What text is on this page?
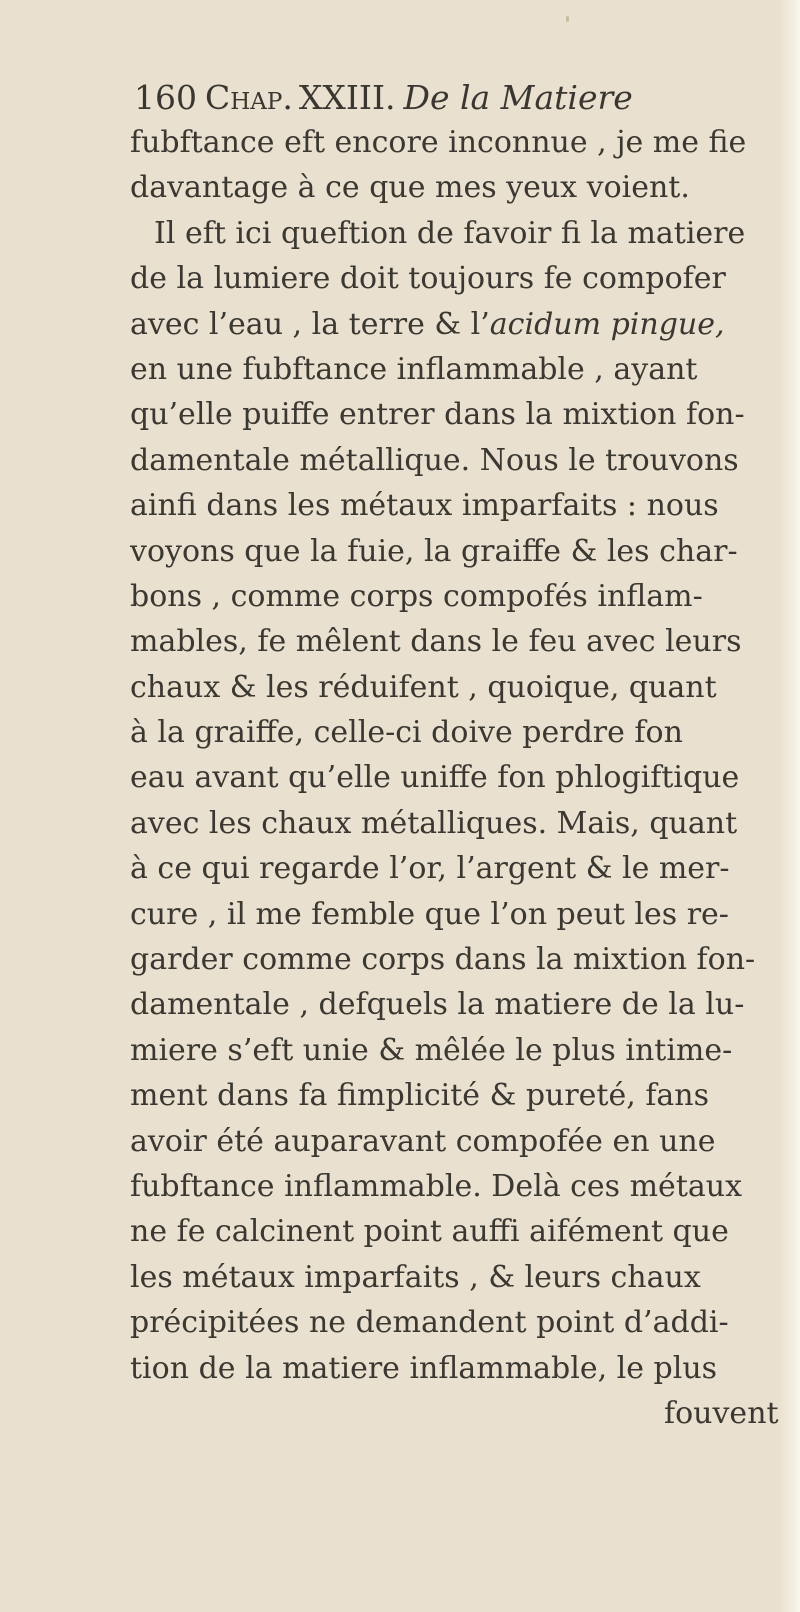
160 Chap. XXIII. De la Matiere
fubftance eft encore inconnue , je me fie
davantage à ce que mes yeux voient.
Il eft ici queftion de favoir fi la matiere
de la lumiere doit toujours fe compofer
avec l’eau , la terre & l’acidum pingue,
en une fubftance inflammable , ayant
qu’elle puiffe entrer dans la mixtion fon-
damentale métallique. Nous le trouvons
ainfi dans les métaux imparfaits : nous
voyons que la fuie, la graiffe & les char-
bons , comme corps compofés inflam-
mables, fe mêlent dans le feu avec leurs
chaux & les réduifent , quoique, quant
à la graiffe, celle-ci doive perdre fon
eau avant qu’elle uniffe fon phlogiftique
avec les chaux métalliques. Mais, quant
à ce qui regarde l’or, l’argent & le mer-
cure , il me femble que l’on peut les re-
garder comme corps dans la mixtion fon-
damentale , defquels la matiere de la lu-
miere s’eft unie & mêlée le plus intime-
ment dans fa fimplicité & pureté, fans
avoir été auparavant compofée en une
fubftance inflammable. Delà ces métaux
ne fe calcinent point auffi aifément que
les métaux imparfaits , & leurs chaux
précipitées ne demandent point d’addi-
tion de la matiere inflammable, le plus
fouvent
